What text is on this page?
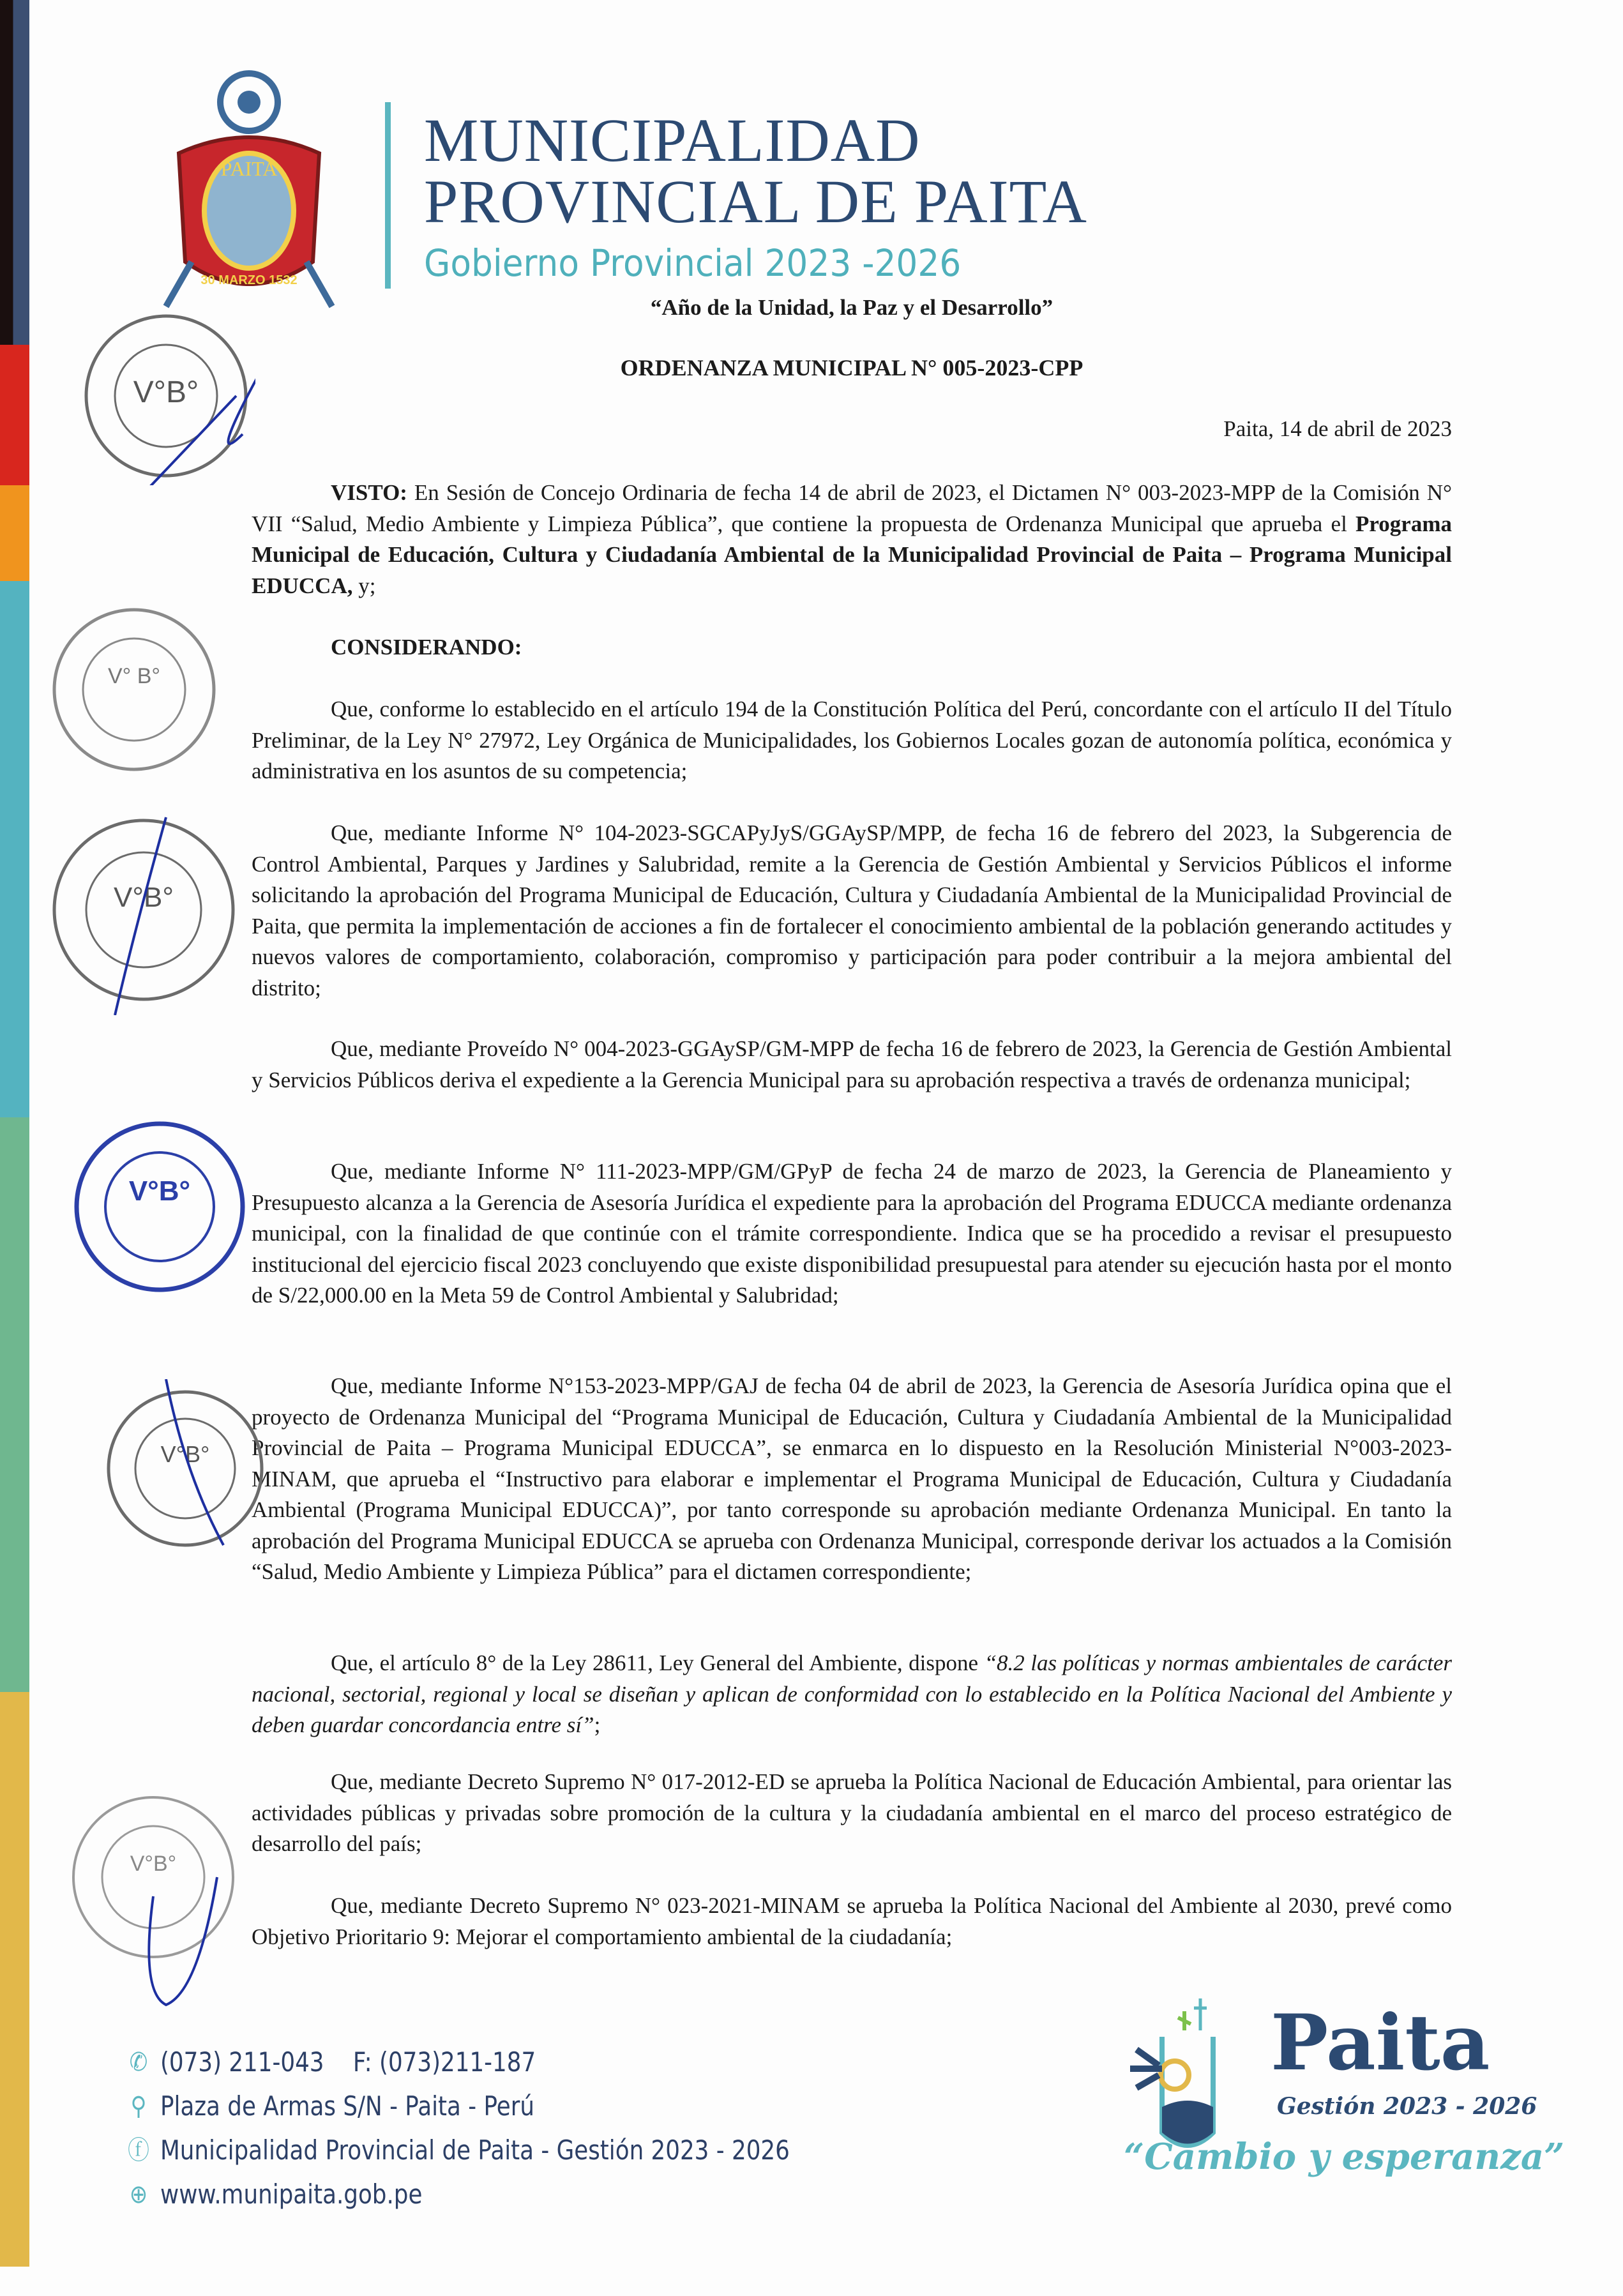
PAITA
30 MARZO 1532
MUNICIPALIDAD
PROVINCIAL DE PAITA
Gobierno Provincial 2023 -2026
“Año de la Unidad, la Paz y el Desarrollo”
ORDENANZA MUNICIPAL N° 005-2023-CPP
Paita, 14 de abril de 2023
VISTO: En Sesión de Concejo Ordinaria de fecha 14 de abril de 2023, el Dictamen N° 003-2023-MPP de la Comisión N° VII “Salud, Medio Ambiente y Limpieza Pública”, que contiene la propuesta de Ordenanza Municipal que aprueba el Programa Municipal de Educación, Cultura y Ciudadanía Ambiental de la Municipalidad Provincial de Paita – Programa Municipal EDUCCA, y;
CONSIDERANDO:
Que, conforme lo establecido en el artículo 194 de la Constitución Política del Perú, concordante con el artículo II del Título Preliminar, de la Ley N° 27972, Ley Orgánica de Municipalidades, los Gobiernos Locales gozan de autonomía política, económica y administrativa en los asuntos de su competencia;
Que, mediante Informe N° 104-2023-SGCAPyJyS/GGAySP/MPP, de fecha 16 de febrero del 2023, la Subgerencia de Control Ambiental, Parques y Jardines y Salubridad, remite a la Gerencia de Gestión Ambiental y Servicios Públicos el informe solicitando la aprobación del Programa Municipal de Educación, Cultura y Ciudadanía Ambiental de la Municipalidad Provincial de Paita, que permita la implementación de acciones a fin de fortalecer el conocimiento ambiental de la población generando actitudes y nuevos valores de comportamiento, colaboración, compromiso y participación para poder contribuir a la mejora ambiental del distrito;
Que, mediante Proveído N° 004-2023-GGAySP/GM-MPP de fecha 16 de febrero de 2023, la Gerencia de Gestión Ambiental y Servicios Públicos deriva el expediente a la Gerencia Municipal para su aprobación respectiva a través de ordenanza municipal;
Que, mediante Informe N° 111-2023-MPP/GM/GPyP de fecha 24 de marzo de 2023, la Gerencia de Planeamiento y Presupuesto alcanza a la Gerencia de Asesoría Jurídica el expediente para la aprobación del Programa EDUCCA mediante ordenanza municipal, con la finalidad de que continúe con el trámite correspondiente. Indica que se ha procedido a revisar el presupuesto institucional del ejercicio fiscal 2023 concluyendo que existe disponibilidad presupuestal para atender su ejecución hasta por el monto de S/22,000.00 en la Meta 59 de Control Ambiental y Salubridad;
Que, mediante Informe N°153-2023-MPP/GAJ de fecha 04 de abril de 2023, la Gerencia de Asesoría Jurídica opina que el proyecto de Ordenanza Municipal del “Programa Municipal de Educación, Cultura y Ciudadanía Ambiental de la Municipalidad Provincial de Paita – Programa Municipal EDUCCA”, se enmarca en lo dispuesto en la Resolución Ministerial N°003-2023-MINAM, que aprueba el “Instructivo para elaborar e implementar el Programa Municipal de Educación, Cultura y Ciudadanía Ambiental (Programa Municipal EDUCCA)”, por tanto corresponde su aprobación mediante Ordenanza Municipal. En tanto la aprobación del Programa Municipal EDUCCA se aprueba con Ordenanza Municipal, corresponde derivar los actuados a la Comisión “Salud, Medio Ambiente y Limpieza Pública” para el dictamen correspondiente;
Que, el artículo 8° de la Ley 28611, Ley General del Ambiente, dispone “8.2 las políticas y normas ambientales de carácter nacional, sectorial, regional y local se diseñan y aplican de conformidad con lo establecido en la Política Nacional del Ambiente y deben guardar concordancia entre sí”;
Que, mediante Decreto Supremo N° 017-2012-ED se aprueba la Política Nacional de Educación Ambiental, para orientar las actividades públicas y privadas sobre promoción de la cultura y la ciudadanía ambiental en el marco del proceso estratégico de desarrollo del país;
Que, mediante Decreto Supremo N° 023-2021-MINAM se aprueba la Política Nacional del Ambiente al 2030, prevé como Objetivo Prioritario 9: Mejorar el comportamiento ambiental de la ciudadanía;
V°B°
V° B°
V°B°
V°B°
V°B°
V°B°
✆ (073) 211-043    F: (073)211-187
⚲ Plaza de Armas S/N - Paita - Perú
ⓕ Municipalidad Provincial de Paita - Gestión 2023 - 2026
⊕ www.munipaita.gob.pe
Paita
Gestión 2023 - 2026
“Cambio y esperanza”
